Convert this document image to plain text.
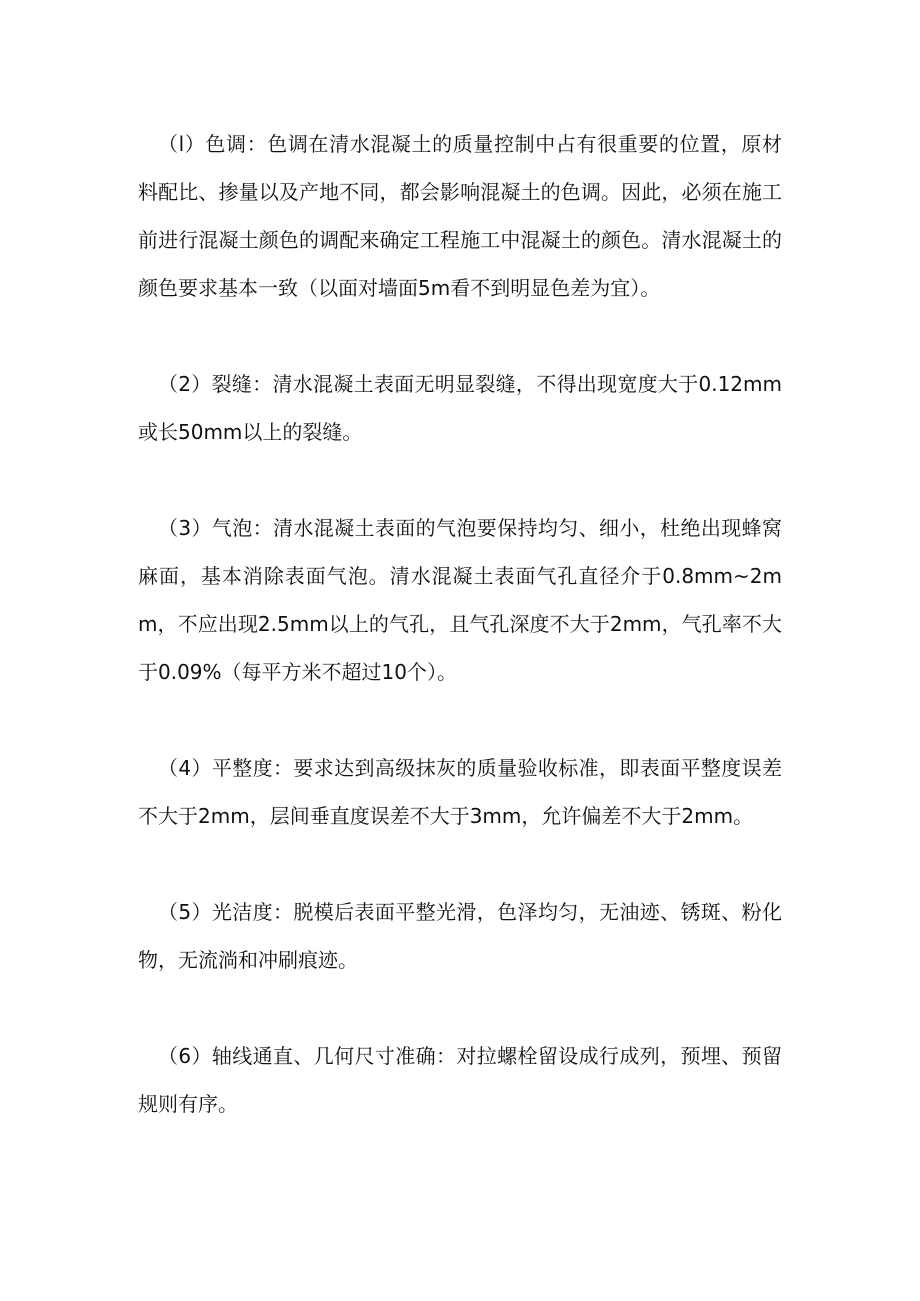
（l）色调：色调在清水混凝土的质量控制中占有很重要的位置，原材料配比、掺量以及产地不同，都会影响混凝土的色调。因此，必须在施工前进行混凝土颜色的调配来确定工程施工中混凝土的颜色。清水混凝土的颜色要求基本一致（以面对墙面5m看不到明显色差为宜）。

（2）裂缝：清水混凝土表面无明显裂缝，不得出现宽度大于0.12mm或长50mm以上的裂缝。

（3）气泡：清水混凝土表面的气泡要保持均匀、细小，杜绝出现蜂窝麻面，基本消除表面气泡。清水混凝土表面气孔直径介于0.8mm~2mm，不应出现2.5mm以上的气孔，且气孔深度不大于2mm，气孔率不大于0.09%（每平方米不超过10个）。

（4）平整度：要求达到高级抹灰的质量验收标准，即表面平整度误差不大于2mm，层间垂直度误差不大于3mm，允许偏差不大于2mm。

（5）光洁度：脱模后表面平整光滑，色泽均匀，无油迹、锈斑、粉化物，无流淌和冲刷痕迹。

（6）轴线通直、几何尺寸准确：对拉螺栓留设成行成列，预埋、预留规则有序。
